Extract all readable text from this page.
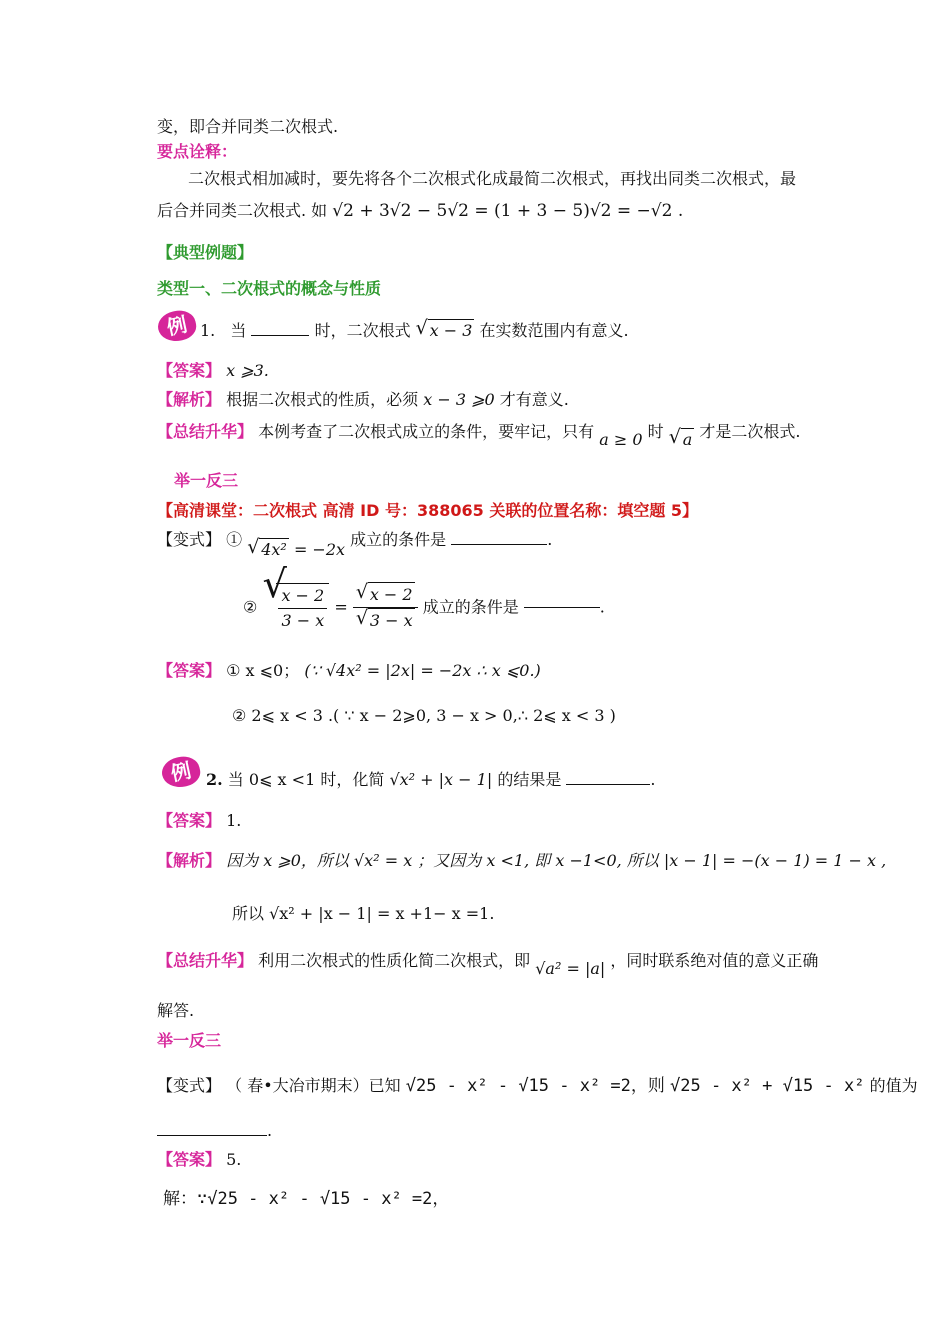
变，即合并同类二次根式.
要点诠释：
二次根式相加减时，要先将各个二次根式化成最简二次根式，再找出同类二次根式，最
后合并同类二次根式. 如 √2 + 3√2 − 5√2 = (1 + 3 − 5)√2 = −√2 .
【典型例题】
类型一、二次根式的概念与性质
例 1. 当	时，二次根式 √ x − 3 在实数范围内有意义.
【答案】 x ⩾3.
【解析】 根据二次根式的性质，必须 x − 3 ⩾0 才有意义.
【总结升华】 本例考查了二次根式成立的条件，要牢记，只有 a ≥ 0 时 √ a 才是二次根式.
举一反三
【高清课堂：二次根式 高清 ID 号：388065 关联的位置名称：填空题 5】
【变式】 ① √ 4x² = −2x 成立的条件是	.
②
√
$\frac{x - 2}{3 - x} = \frac{√ x - 2}{√ 3 - x}$ 成立的条件是	.
【答案】 ① x ⩽0； (∵ √4x² = |2x| = −2x ∴ x ⩽0.)
② 2⩽ x < 3 .( ∵ x − 2⩾0, 3 − x > 0,∴ 2⩽ x < 3 )
例 2. 当 0⩽ x <1 时，化简 √x² + |x − 1| 的结果是	.
【答案】 1.
【解析】 因为 x ⩾0，所以 √x² = x ；又因为 x <1, 即 x −1<0, 所以 |x − 1| = −(x − 1) = 1 − x ,
所以 √x² + |x − 1| = x +1− x =1.
【总结升华】 利用二次根式的性质化简二次根式，即 √a² = |a| ，同时联系绝对值的意义正确
解答.
举一反三
【变式】 （ 春•大冶市期末）已知 √25 - x² - √15 - x² =2，则 √25 - x² + √15 - x² 的值为
.
【答案】 5.
解：∵√25 - x² - √15 - x² =2，
